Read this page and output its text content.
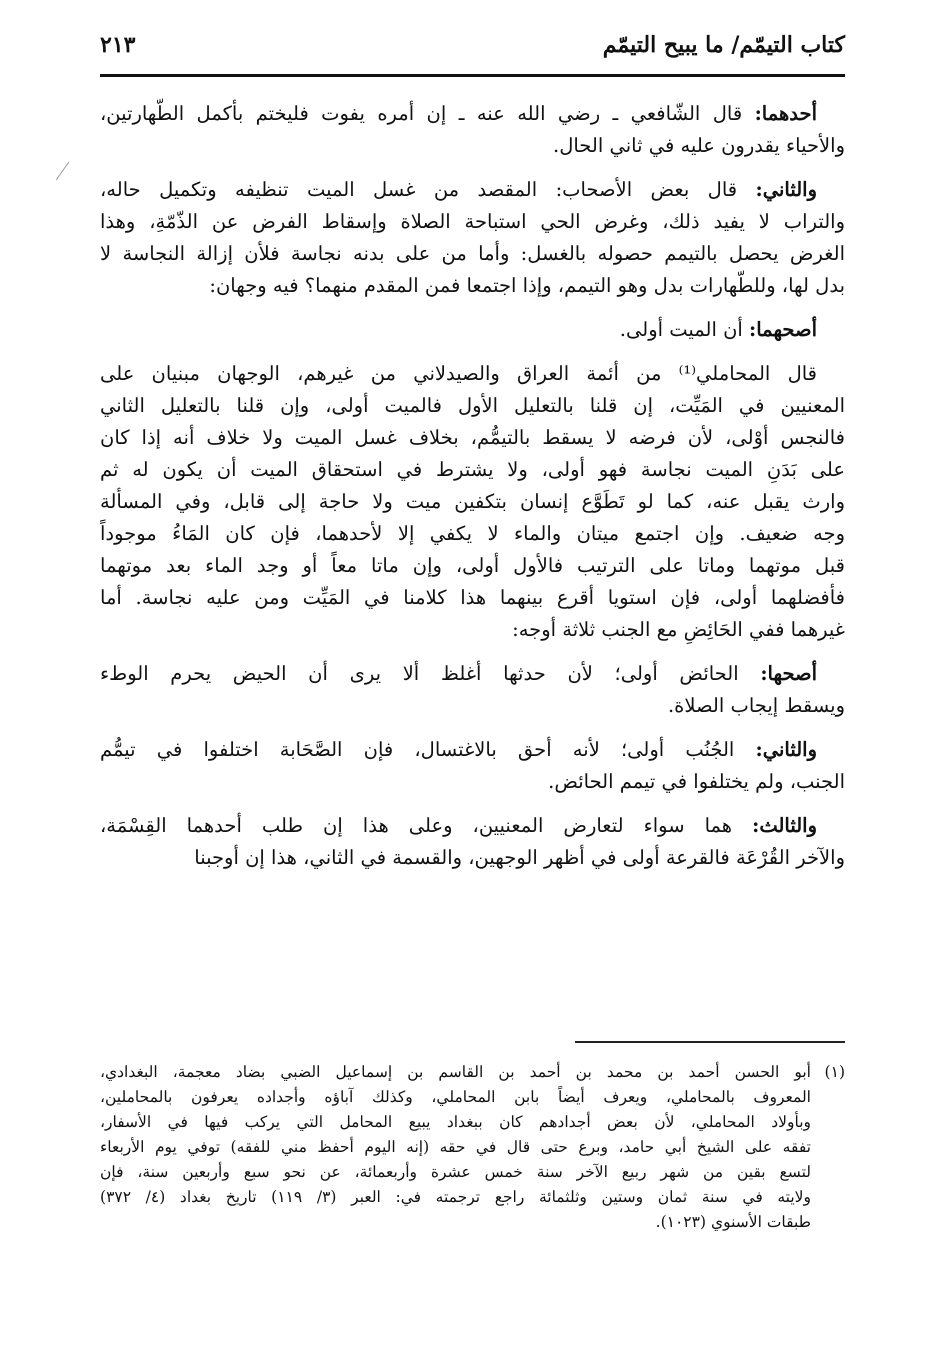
كتاب التيمّم/ ما يبيح التيمّم
٢١٣
أحدهما: قال الشّافعي ـ رضي الله عنه ـ إن أمره يفوت فليختم بأكمل الطّهارتين،
والأحياء يقدرون عليه في ثاني الحال.
والثاني: قال بعض الأصحاب: المقصد من غسل الميت تنظيفه وتكميل حاله،
والتراب لا يفيد ذلك، وغرض الحي استباحة الصلاة وإسقاط الفرض عن الذّمّةِ، وهذا
الغرض يحصل بالتيمم حصوله بالغسل: وأما من على بدنه نجاسة فلأن إزالة النجاسة لا
بدل لها، وللطّهارات بدل وهو التيمم، وإذا اجتمعا فمن المقدم منهما؟ فيه وجهان:
أصحهما: أن الميت أولى.
قال المحاملي⁽¹⁾ من أئمة العراق والصيدلاني من غيرهم، الوجهان مبنيان على
المعنيين في المَيِّت، إن قلنا بالتعليل الأول فالميت أولى، وإن قلنا بالتعليل الثاني
فالنجس أوْلى، لأن فرضه لا يسقط بالتيمُّم، بخلاف غسل الميت ولا خلاف أنه إذا كان
على بَدَنِ الميت نجاسة فهو أولى، ولا يشترط في استحقاق الميت أن يكون له ثم
وارث يقبل عنه، كما لو تَطَوَّع إنسان بتكفين ميت ولا حاجة إلى قابل، وفي المسألة
وجه ضعيف. وإن اجتمع ميتان والماء لا يكفي إلا لأحدهما، فإن كان المَاءُ موجوداً
قبل موتهما وماتا على الترتيب فالأول أولى، وإن ماتا معاً أو وجد الماء بعد موتهما
فأفضلهما أولى، فإن استويا أقرع بينهما هذا كلامنا في المَيِّت ومن عليه نجاسة. أما
غيرهما ففي الحَائِضِ مع الجنب ثلاثة أوجه:
أصحها: الحائض أولى؛ لأن حدثها أغلظ ألا يرى أن الحيض يحرم الوطء
ويسقط إيجاب الصلاة.
والثاني: الجُنُب أولى؛ لأنه أحق بالاغتسال، فإن الصَّحَابة اختلفوا في تيمُّم
الجنب، ولم يختلفوا في تيمم الحائض.
والثالث: هما سواء لتعارض المعنيين، وعلى هذا إن طلب أحدهما القِسْمَة،
والآخر القُرْعَة فالقرعة أولى في أظهر الوجهين، والقسمة في الثاني، هذا إن أوجبنا
(١)أبو الحسن أحمد بن محمد بن أحمد بن القاسم بن إسماعيل الضبي بضاد معجمة، البغدادي،
المعروف بالمحاملي، ويعرف أيضاً بابن المحاملي، وكذلك آباؤه وأجداده يعرفون بالمحاملين،
وبأولاد المحاملي، لأن بعض أجدادهم كان ببغداد يبيع المحامل التي يركب فيها في الأسفار،
تفقه على الشيخ أبي حامد، وبرع حتى قال في حقه (إنه اليوم أحفظ مني للفقه) توفي يوم الأربعاء
لتسع بقين من شهر ربيع الآخر سنة خمس عشرة وأربعمائة، عن نحو سبع وأربعين سنة، فإن
ولايته في سنة ثمان وستين وثلثمائة راجع ترجمته في: العبر (٣/ ١١٩) تاريخ بغداد (٤/ ٣٧٢)
طبقات الأسنوي (١٠٢٣).
